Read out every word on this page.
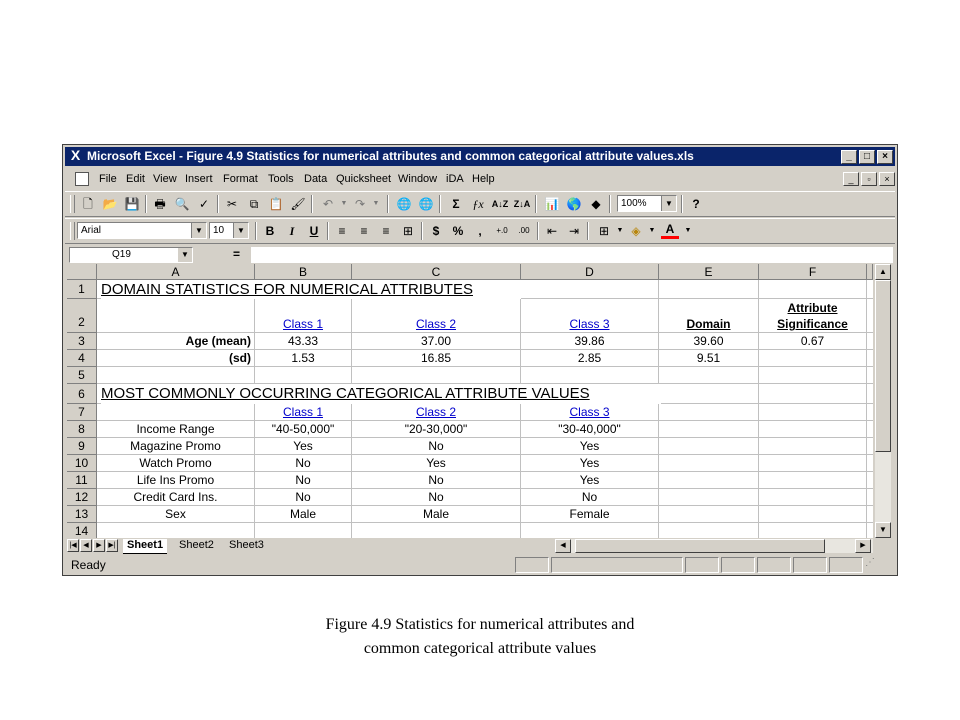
X Microsoft Excel - Figure 4.9 Statistics for numerical attributes and common categorical attribute values.xls	_	□	×
File Edit View Insert Format Tools Data Quicksheet Window iDA Help	_	▫	×
🗋 📂 💾 🖶 🔍 ✓	✂	⧉ 📋 🖌	↶	▼ ↷	▼	🌐 🌐	Σ	ƒx A↓Z Z↓A 📊 🌎 ◆	100%	▼	?
Arial	▼	10	▼	B	I	U	≡	≡	≡	⊞	$	%	,	+.0	.00	⇤ ⇥	⊞	▼ ◈	▼ A	▼
Q19	▼	=
A	B	C	D	E	F
1
2
3
4
5
6
7
8
9
10
11
12
13
14
DOMAIN STATISTICS FOR NUMERICAL ATTRIBUTES
Class 1	Class 2	Class 3	Domain
Attribute
Significance
Age (mean)	43.33	37.00	39.86	39.60	0.67
(sd)	1.53	16.85	2.85	9.51
MOST COMMONLY OCCURRING CATEGORICAL ATTRIBUTE VALUES
Class 1	Class 2	Class 3
Income Range	"40-50,000"	"20-30,000"	"30-40,000"
Magazine Promo	Yes	No	Yes
Watch Promo	No	Yes	Yes
Life Ins Promo	No	No	Yes
Credit Card Ins.	No	No	No
Sex	Male	Male	Female
▲
▼
|◀ ◀	▶ ▶|	Sheet1	Sheet2	Sheet3	◀	▶
Ready	⋰
Figure 4.9 Statistics for numerical attributes and common categorical attribute values
